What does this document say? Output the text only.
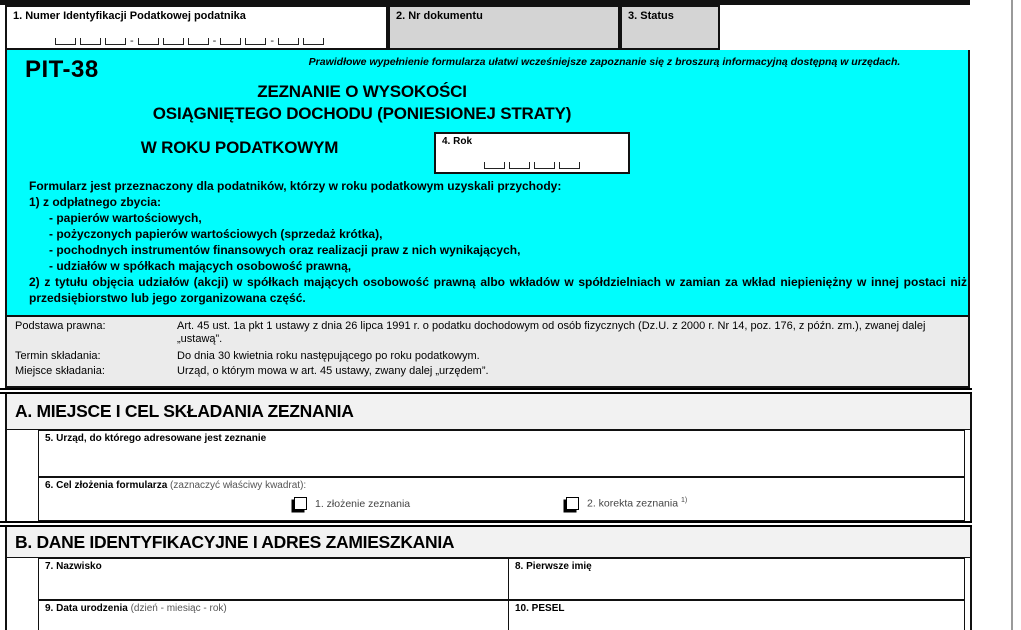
1. Numer Identyfikacji Podatkowej podatnika
-	-	-
2. Nr dokumentu	3. Status
PIT-38	Prawidłowe wypełnienie formularza ułatwi wcześniejsze zapoznanie się z broszurą informacyjną dostępną w urzędach.
ZEZNANIE O WYSOKOŚCI
OSIĄGNIĘTEGO DOCHODU (PONIESIONEJ STRATY)
W ROKU PODATKOWYM	4. Rok
Formularz jest przeznaczony dla podatników, którzy w roku podatkowym uzyskali przychody:
1) z odpłatnego zbycia:
- papierów wartościowych,
- pożyczonych papierów wartościowych (sprzedaż krótka),
- pochodnych instrumentów finansowych oraz realizacji praw z nich wynikających,
- udziałów w spółkach mających osobowość prawną,
2) z tytułu objęcia udziałów (akcji) w spółkach mających osobowość prawną albo wkładów w spółdzielniach w zamian za wkład niepieniężny w innej postaci niż przedsiębiorstwo lub jego zorganizowana część.
Podstawa prawna:	Art. 45 ust. 1a pkt 1 ustawy z dnia 26 lipca 1991 r. o podatku dochodowym od osób fizycznych (Dz.U. z 2000 r. Nr 14, poz. 176, z późn. zm.), zwanej dalej „ustawą”.
Termin składania:	Do dnia 30 kwietnia roku następującego po roku podatkowym.
Miejsce składania:	Urząd, o którym mowa w art. 45 ustawy, zwany dalej „urzędem”.
A. MIEJSCE I CEL SKŁADANIA ZEZNANIA
5. Urząd, do którego adresowane jest zeznanie
6. Cel złożenia formularza (zaznaczyć właściwy kwadrat):
1. złożenie zeznania	2. korekta zeznania $^{1)}$
B. DANE IDENTYFIKACYJNE I ADRES ZAMIESZKANIA
7. Nazwisko	8. Pierwsze imię
9. Data urodzenia (dzień - miesiąc - rok)	10. PESEL
